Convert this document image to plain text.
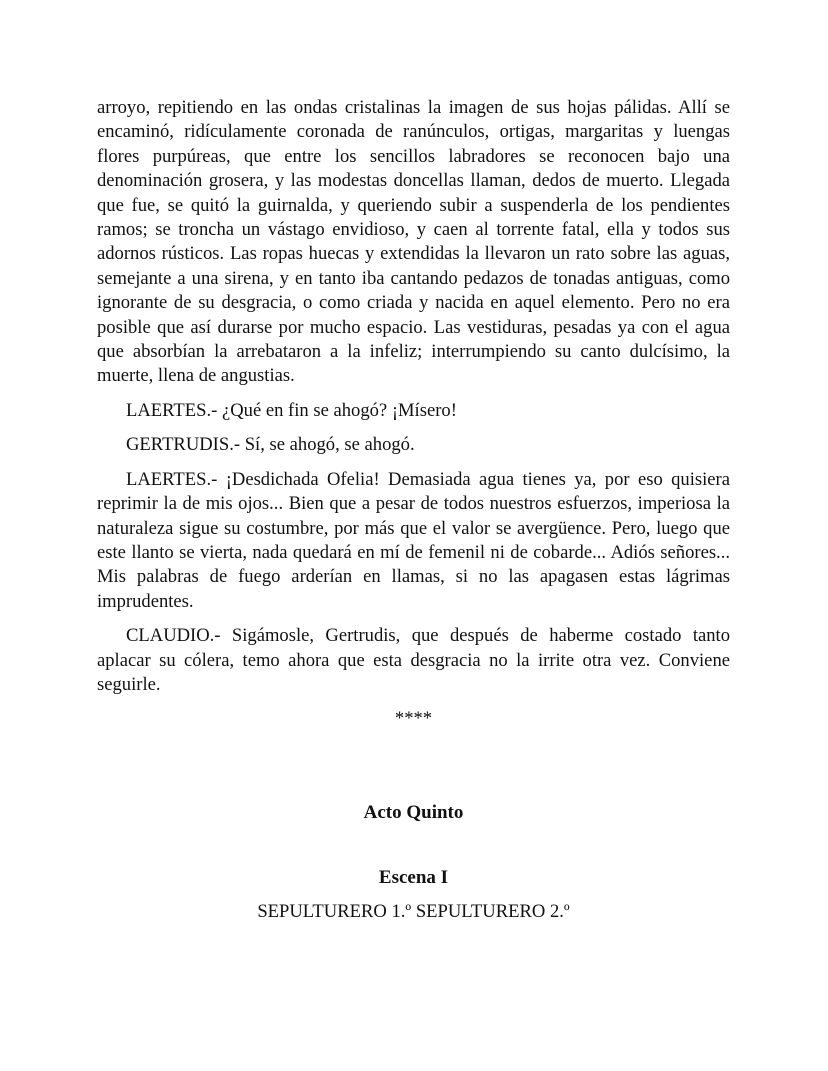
arroyo, repitiendo en las ondas cristalinas la imagen de sus hojas pálidas. Allí se encaminó, ridículamente coronada de ranúnculos, ortigas, margaritas y luengas flores purpúreas, que entre los sencillos labradores se reconocen bajo una denominación grosera, y las modestas doncellas llaman, dedos de muerto. Llegada que fue, se quitó la guirnalda, y queriendo subir a suspenderla de los pendientes ramos; se troncha un vástago envidioso, y caen al torrente fatal, ella y todos sus adornos rústicos. Las ropas huecas y extendidas la llevaron un rato sobre las aguas, semejante a una sirena, y en tanto iba cantando pedazos de tonadas antiguas, como ignorante de su desgracia, o como criada y nacida en aquel elemento. Pero no era posible que así durarse por mucho espacio. Las vestiduras, pesadas ya con el agua que absorbían la arrebataron a la infeliz; interrumpiendo su canto dulcísimo, la muerte, llena de angustias.

LAERTES.- ¿Qué en fin se ahogó? ¡Mísero!

GERTRUDIS.- Sí, se ahogó, se ahogó.

LAERTES.- ¡Desdichada Ofelia! Demasiada agua tienes ya, por eso quisiera reprimir la de mis ojos... Bien que a pesar de todos nuestros esfuerzos, imperiosa la naturaleza sigue su costumbre, por más que el valor se avergüence. Pero, luego que este llanto se vierta, nada quedará en mí de femenil ni de cobarde... Adiós señores... Mis palabras de fuego arderían en llamas, si no las apagasen estas lágrimas imprudentes.

CLAUDIO.- Sigámosle, Gertrudis, que después de haberme costado tanto aplacar su cólera, temo ahora que esta desgracia no la irrite otra vez. Conviene seguirle.

****

Acto Quinto
Escena I

SEPULTURERO 1.º SEPULTURERO 2.º
